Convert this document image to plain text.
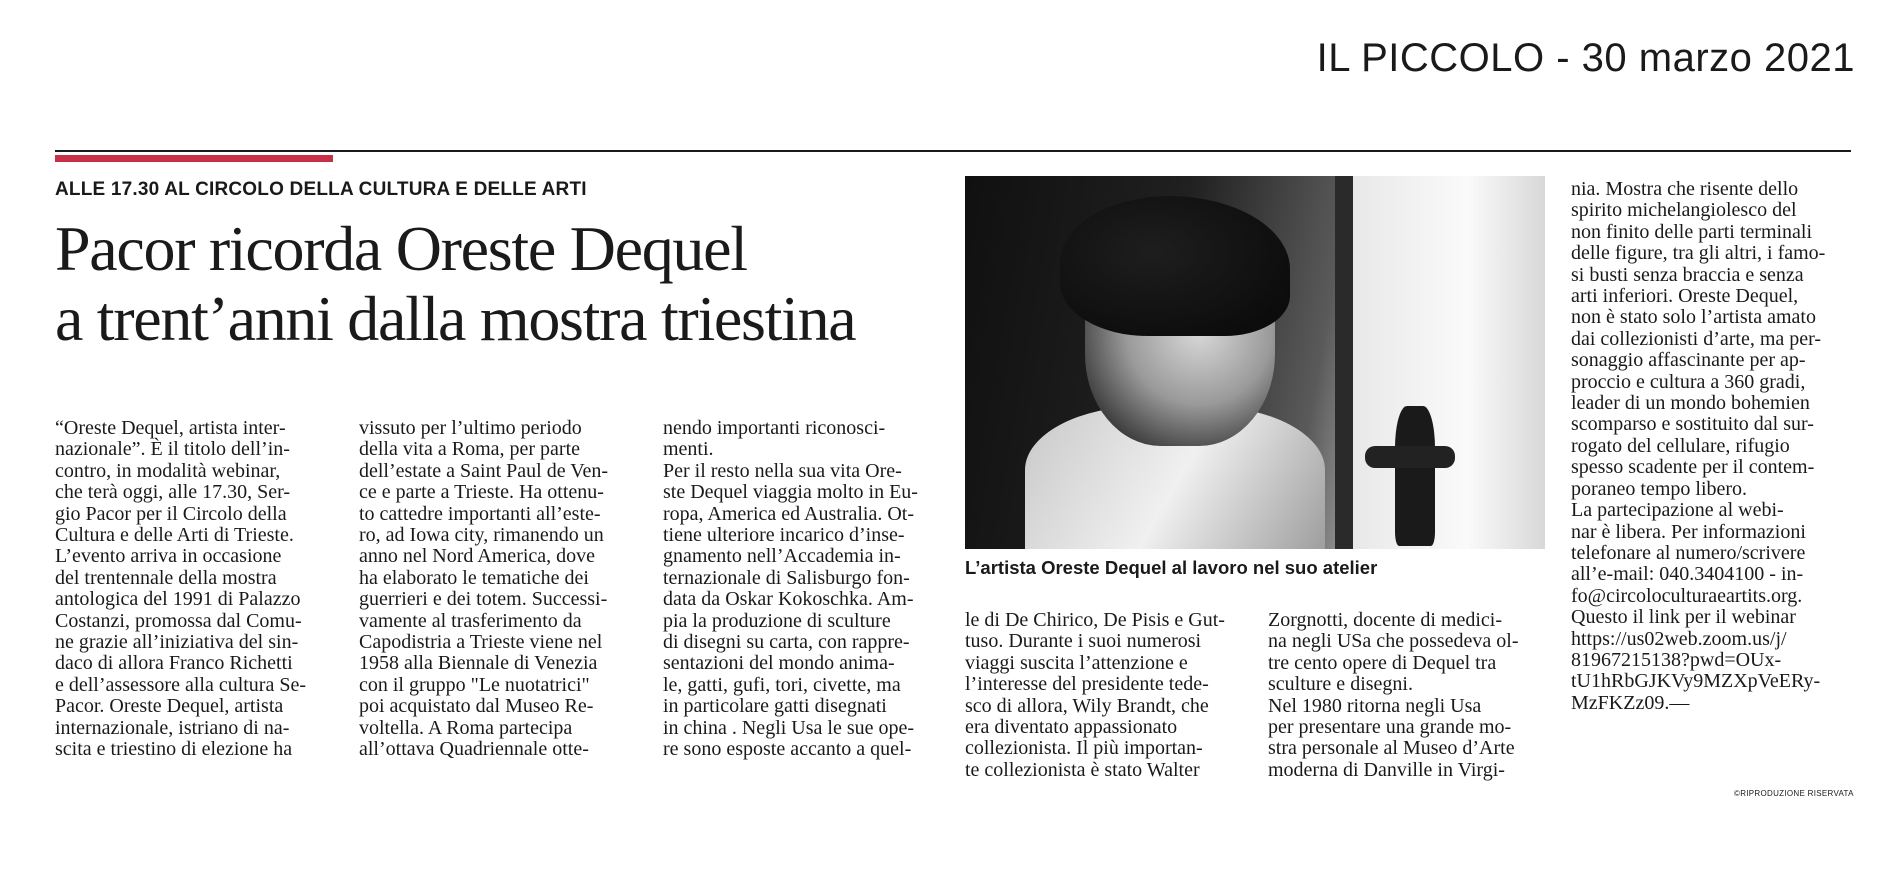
IL PICCOLO - 30 marzo 2021
ALLE 17.30 AL CIRCOLO DELLA CULTURA E DELLE ARTI
Pacor ricorda Oreste Dequel
a trent’anni dalla mostra triestina
“Oreste Dequel, artista inter-
nazionale”. È il titolo dell’in-
contro, in modalità webinar,
che terà oggi, alle 17.30, Ser-
gio Pacor per il Circolo della
Cultura e delle Arti di Trieste.
L’evento arriva in occasione
del trentennale della mostra
antologica del 1991 di Palazzo
Costanzi, promossa dal Comu-
ne grazie all’iniziativa del sin-
daco di allora Franco Richetti
e dell’assessore alla cultura Se-
Pacor. Oreste Dequel, artista
internazionale, istriano di na-
scita e triestino di elezione ha
vissuto per l’ultimo periodo
della vita a Roma, per parte
dell’estate a Saint Paul de Ven-
ce e parte a Trieste. Ha ottenu-
to cattedre importanti all’este-
ro, ad Iowa city, rimanendo un
anno nel Nord America, dove
ha elaborato le tematiche dei
guerrieri e dei totem. Successi-
vamente al trasferimento da
Capodistria a Trieste viene nel
1958 alla Biennale di Venezia
con il gruppo "Le nuotatrici"
poi acquistato dal Museo Re-
voltella. A Roma partecipa
all’ottava Quadriennale otte-
nendo importanti riconosci-
menti.
Per il resto nella sua vita Ore-
ste Dequel viaggia molto in Eu-
ropa, America ed Australia. Ot-
tiene ulteriore incarico d’inse-
gnamento nell’Accademia in-
ternazionale di Salisburgo fon-
data da Oskar Kokoschka. Am-
pia la produzione di sculture
di disegni su carta, con rappre-
sentazioni del mondo anima-
le, gatti, gufi, tori, civette, ma
in particolare gatti disegnati
in china . Negli Usa le sue ope-
re sono esposte accanto a quel-
le di De Chirico, De Pisis e Gut-
tuso. Durante i suoi numerosi
viaggi suscita l’attenzione e
l’interesse del presidente tede-
sco di allora, Wily Brandt, che
era diventato appassionato
collezionista. Il più importan-
te collezionista è stato Walter
Zorgnotti, docente di medici-
na negli USa che possedeva ol-
tre cento opere di Dequel tra
sculture e disegni.
Nel 1980 ritorna negli Usa
per presentare una grande mo-
stra personale al Museo d’Arte
moderna di Danville in Virgi-
nia. Mostra che risente dello
spirito michelangiolesco del
non finito delle parti terminali
delle figure, tra gli altri, i famo-
si busti senza braccia e senza
arti inferiori. Oreste Dequel,
non è stato solo l’artista amato
dai collezionisti d’arte, ma per-
sonaggio affascinante per ap-
proccio e cultura a 360 gradi,
leader di un mondo bohemien
scomparso e sostituito dal sur-
rogato del cellulare, rifugio
spesso scadente per il contem-
poraneo tempo libero.
La partecipazione al webi-
nar è libera. Per informazioni
telefonare al numero/scrivere
all’e-mail: 040.3404100 - in-
fo@circoloculturaeartits.org.
Questo il link per il webinar
https://us02web.zoom.us/j/
81967215138?pwd=OUx-
tU1hRbGJKVy9MZXpVeERy-
MzFKZz09.—
L’artista Oreste Dequel al lavoro nel suo atelier
©RIPRODUZIONE RISERVATA
